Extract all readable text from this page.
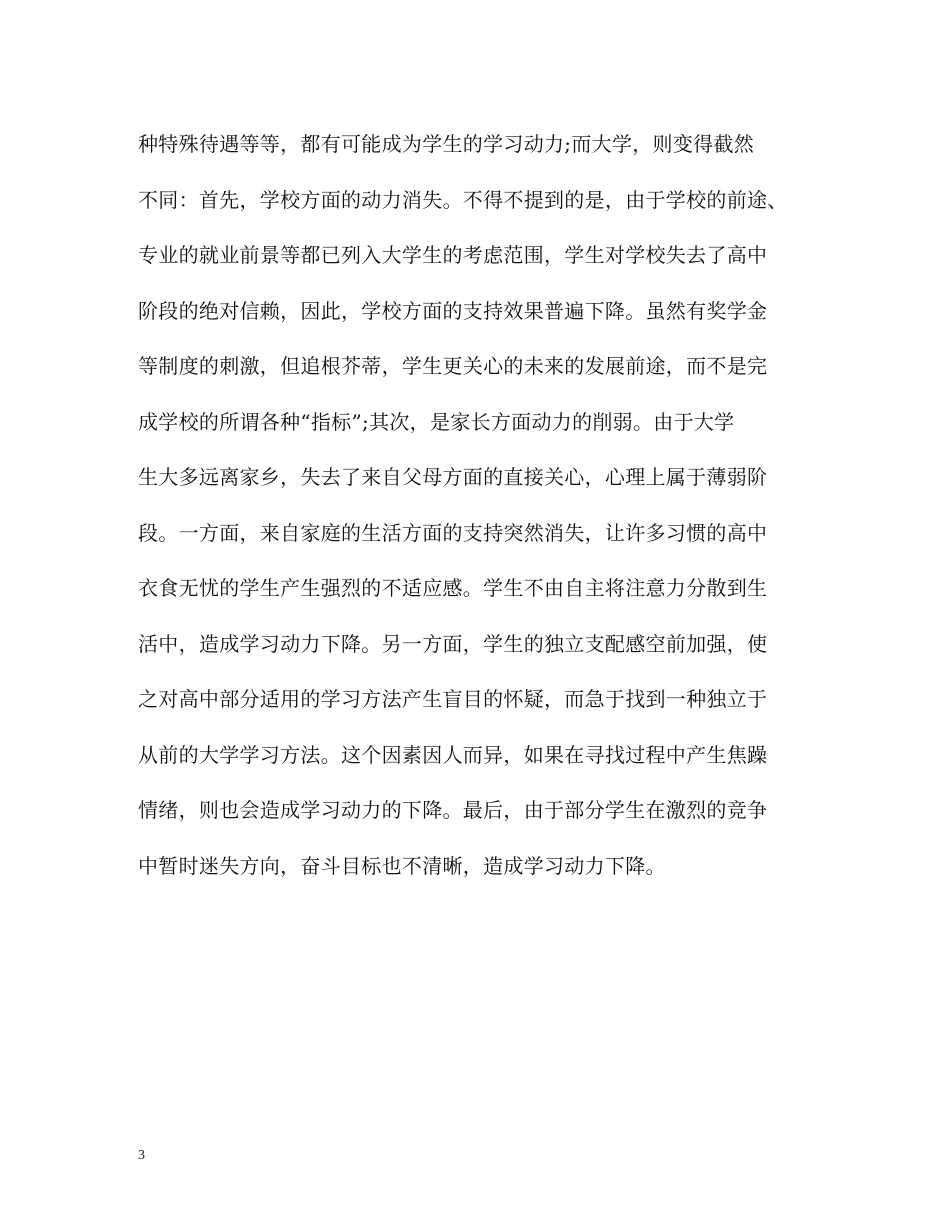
种特殊待遇等等，都有可能成为学生的学习动力;而大学，则变得截然
不同：首先，学校方面的动力消失。不得不提到的是，由于学校的前途、
专业的就业前景等都已列入大学生的考虑范围，学生对学校失去了高中
阶段的绝对信赖，因此，学校方面的支持效果普遍下降。虽然有奖学金
等制度的刺激，但追根芥蒂，学生更关心的未来的发展前途，而不是完
成学校的所谓各种“指标”;其次，是家长方面动力的削弱。由于大学
生大多远离家乡，失去了来自父母方面的直接关心，心理上属于薄弱阶
段。一方面，来自家庭的生活方面的支持突然消失，让许多习惯的高中
衣食无忧的学生产生强烈的不适应感。学生不由自主将注意力分散到生
活中，造成学习动力下降。另一方面，学生的独立支配感空前加强，使
之对高中部分适用的学习方法产生盲目的怀疑，而急于找到一种独立于
从前的大学学习方法。这个因素因人而异，如果在寻找过程中产生焦躁
情绪，则也会造成学习动力的下降。最后，由于部分学生在激烈的竞争
中暂时迷失方向，奋斗目标也不清晰，造成学习动力下降。
3
